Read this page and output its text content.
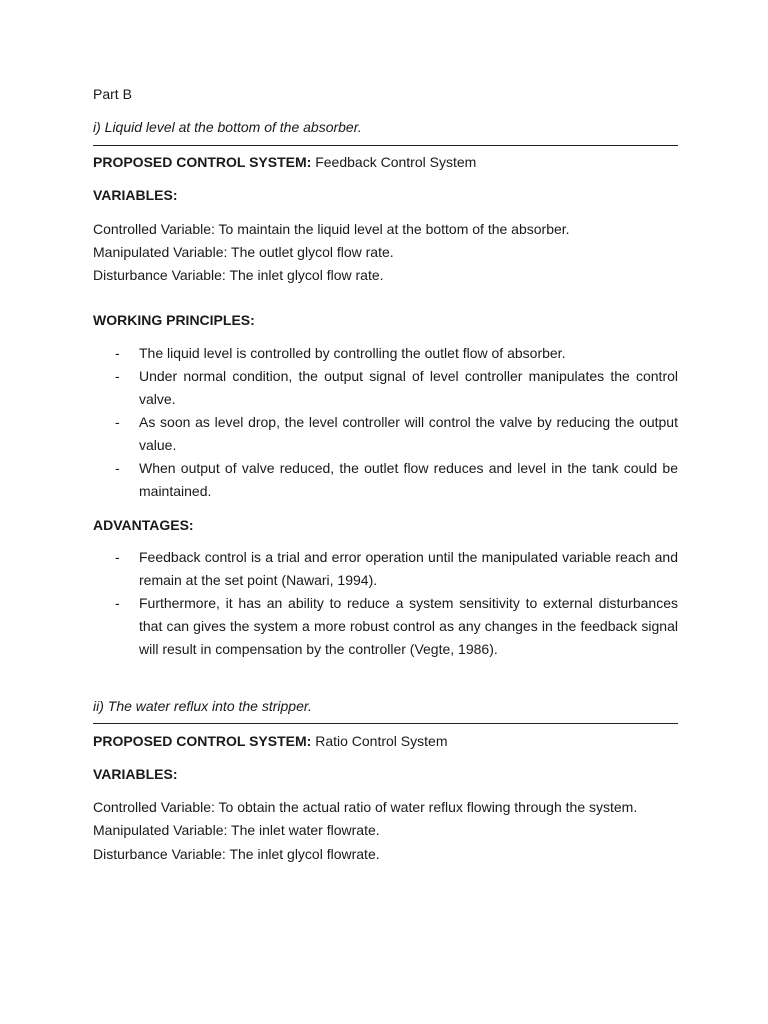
Part B
i) Liquid level at the bottom of the absorber.
PROPOSED CONTROL SYSTEM: Feedback Control System
VARIABLES:
Controlled Variable: To maintain the liquid level at the bottom of the absorber.
Manipulated Variable: The outlet glycol flow rate.
Disturbance Variable: The inlet glycol flow rate.
WORKING PRINCIPLES:
- The liquid level is controlled by controlling the outlet flow of absorber.
- Under normal condition, the output signal of level controller manipulates the control valve.
- As soon as level drop, the level controller will control the valve by reducing the output value.
- When output of valve reduced, the outlet flow reduces and level in the tank could be maintained.
ADVANTAGES:
- Feedback control is a trial and error operation until the manipulated variable reach and remain at the set point (Nawari, 1994).
- Furthermore, it has an ability to reduce a system sensitivity to external disturbances that can gives the system a more robust control as any changes in the feedback signal will result in compensation by the controller (Vegte, 1986).
ii) The water reflux into the stripper.
PROPOSED CONTROL SYSTEM: Ratio Control System
VARIABLES:
Controlled Variable: To obtain the actual ratio of water reflux flowing through the system.
Manipulated Variable: The inlet water flowrate.
Disturbance Variable: The inlet glycol flowrate.
